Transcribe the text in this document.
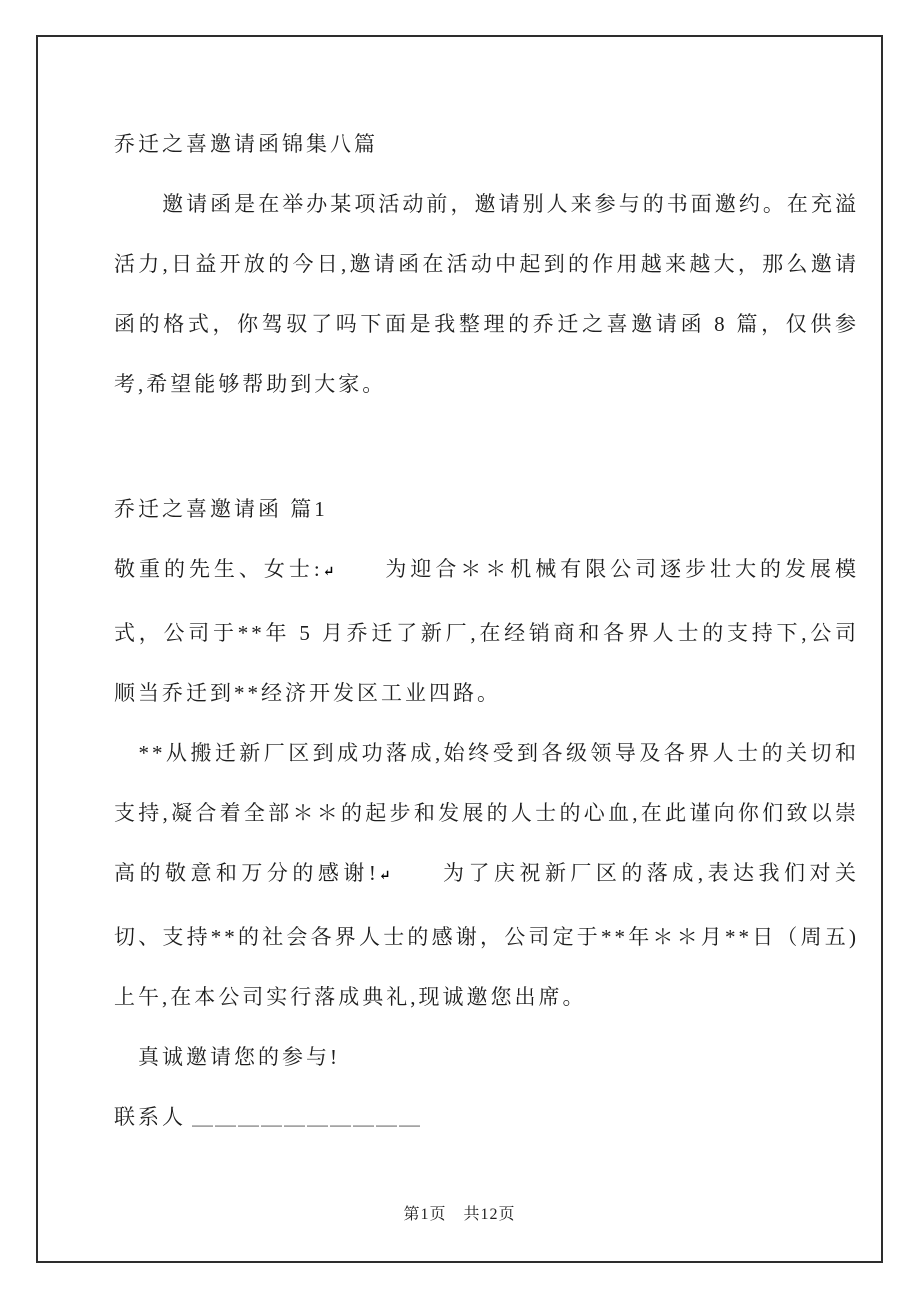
乔迁之喜邀请函锦集八篇

　　邀请函是在举办某项活动前，邀请别人来参与的书面邀约。在充溢活力,日益开放的今日,邀请函在活动中起到的作用越来越大，那么邀请函的格式，你驾驭了吗下面是我整理的乔迁之喜邀请函 8 篇，仅供参考,希望能够帮助到大家。

乔迁之喜邀请函 篇1

敬重的先生、女士:↵　　为迎合＊＊机械有限公司逐步壮大的发展模式，公司于**年 5 月乔迁了新厂,在经销商和各界人士的支持下,公司顺当乔迁到**经济开发区工业四路。

　**从搬迁新厂区到成功落成,始终受到各级领导及各界人士的关切和支持,凝合着全部＊＊的起步和发展的人士的心血,在此谨向你们致以崇高的敬意和万分的感谢!↵　　为了庆祝新厂区的落成,表达我们对关切、支持**的社会各界人士的感谢，公司定于**年＊＊月**日（周五)上午,在本公司实行落成典礼,现诚邀您出席。

　真诚邀请您的参与!

联系人 ＿＿＿＿＿＿＿＿＿＿

第1页　共12页
